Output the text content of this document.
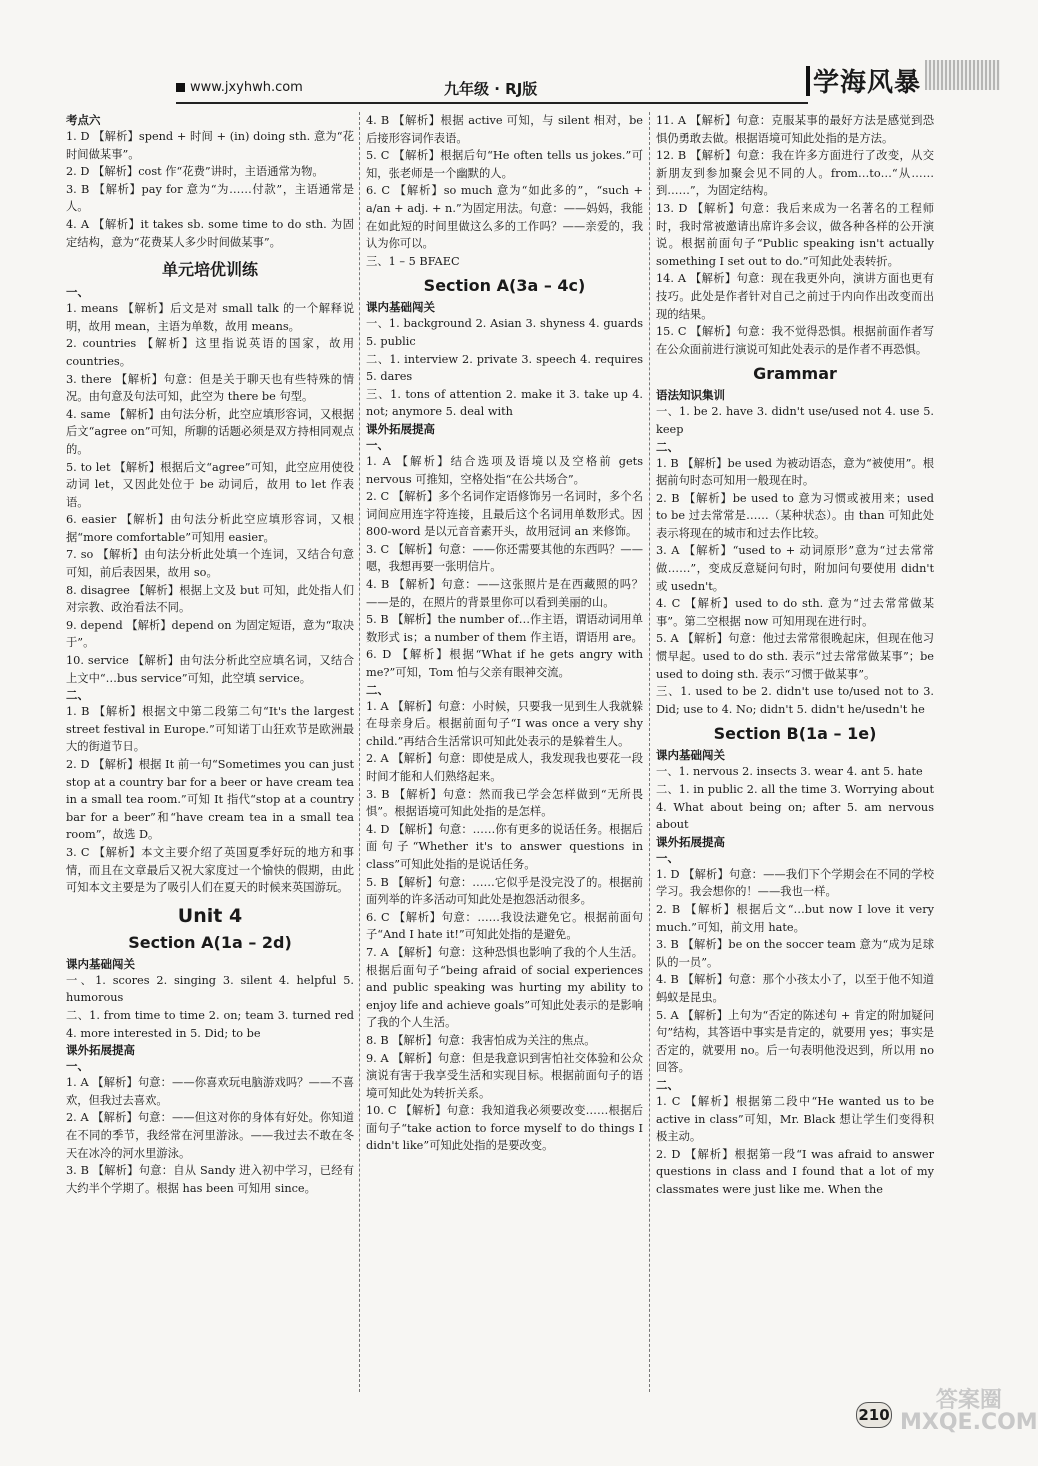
www.jxyhwh.com	九年级 · RJ版	学海风暴

考点六

1. D 【解析】spend + 时间 + (in) doing sth. 意为“花时间做某事”。

2. D 【解析】cost 作“花费”讲时，主语通常为物。

3. B 【解析】pay for 意为“为……付款”，主语通常是人。

4. A 【解析】it takes sb. some time to do sth. 为固定结构，意为“花费某人多少时间做某事”。

单元培优训练

一、

1. means 【解析】后文是对 small talk 的一个解释说明，故用 mean，主语为单数，故用 means。

2. countries 【解析】这里指说英语的国家，故用 countries。

3. there 【解析】句意：但是关于聊天也有些特殊的情况。由句意及句法可知，此空为 there be 句型。

4. same 【解析】由句法分析，此空应填形容词，又根据后文“agree on”可知，所聊的话题必须是双方持相同观点的。

5. to let 【解析】根据后文“agree”可知，此空应用使役动词 let，又因此处位于 be 动词后，故用 to let 作表语。

6. easier 【解析】由句法分析此空应填形容词，又根据“more comfortable”可知用 easier。

7. so 【解析】由句法分析此处填一个连词，又结合句意可知，前后表因果，故用 so。

8. disagree 【解析】根据上文及 but 可知，此处指人们对宗教、政治看法不同。

9. depend 【解析】depend on 为固定短语，意为“取决于”。

10. service 【解析】由句法分析此空应填名词，又结合上文中“…bus service”可知，此空填 service。

二、

1. B 【解析】根据文中第二段第二句“It's the largest street festival in Europe.”可知诺丁山狂欢节是欧洲最大的街道节日。

2. D 【解析】根据 It 前一句“Sometimes you can just stop at a country bar for a beer or have cream tea in a small tea room.”可知 It 指代“stop at a country bar for a beer”和“have cream tea in a small tea room”，故选 D。

3. C 【解析】本文主要介绍了英国夏季好玩的地方和事情，而且在文章最后又祝大家度过一个愉快的假期，由此可知本文主要是为了吸引人们在夏天的时候来英国游玩。

Unit 4

Section A(1a – 2d)

课内基础闯关

一、1. scores 2. singing 3. silent 4. helpful 5. humorous

二、1. from time to time 2. on; team 3. turned red 4. more interested in 5. Did; to be

课外拓展提高

一、

1. A 【解析】句意：——你喜欢玩电脑游戏吗？——不喜欢，但我过去喜欢。

2. A 【解析】句意：——但这对你的身体有好处。你知道在不同的季节，我经常在河里游泳。——我过去不敢在冬天在冰冷的河水里游泳。

3. B 【解析】句意：自从 Sandy 进入初中学习，已经有大约半个学期了。根据 has been 可知用 since。

4. B 【解析】根据 active 可知，与 silent 相对，be 后接形容词作表语。

5. C 【解析】根据后句“He often tells us jokes.”可知，张老师是一个幽默的人。

6. C 【解析】so much 意为“如此多的”，“such + a/an + adj. + n.”为固定用法。句意：——妈妈，我能在如此短的时间里做这么多的工作吗？——亲爱的，我认为你可以。

三、1 – 5 BFAEC

Section A(3a – 4c)

课内基础闯关

一、1. background 2. Asian 3. shyness 4. guards 5. public

二、1. interview 2. private 3. speech 4. requires 5. dares

三、1. tons of attention 2. make it 3. take up 4. not; anymore 5. deal with

课外拓展提高

一、

1. A 【解析】结合选项及语境以及空格前 gets nervous 可推知，空格处指“在公共场合”。

2. C 【解析】多个名词作定语修饰另一名词时，多个名词间应用连字符连接，且最后这个名词用单数形式。因 800-word 是以元音音素开头，故用冠词 an 来修饰。

3. C 【解析】句意：——你还需要其他的东西吗？——嗯，我想再要一张明信片。

4. B 【解析】句意：——这张照片是在西藏照的吗？——是的，在照片的背景里你可以看到美丽的山。

5. B 【解析】the number of…作主语，谓语动词用单数形式 is；a number of them 作主语，谓语用 are。

6. D 【解析】根据“What if he gets angry with me?”可知，Tom 怕与父亲有眼神交流。

二、

1. A 【解析】句意：小时候，只要我一见到生人我就躲在母亲身后。根据前面句子“I was once a very shy child.”再结合生活常识可知此处表示的是躲着生人。

2. A 【解析】句意：即使是成人，我发现我也要花一段时间才能和人们熟络起来。

3. B 【解析】句意：然而我已学会怎样做到“无所畏惧”。根据语境可知此处指的是怎样。

4. D 【解析】句意：……你有更多的说话任务。根据后面句子“Whether it's to answer questions in class”可知此处指的是说话任务。

5. B 【解析】句意：……它似乎是没完没了的。根据前面列举的许多活动可知此处是抱怨活动很多。

6. C 【解析】句意：……我设法避免它。根据前面句子“And I hate it!”可知此处指的是避免。

7. A 【解析】句意：这种恐惧也影响了我的个人生活。根据后面句子“being afraid of social experiences and public speaking was hurting my ability to enjoy life and achieve goals”可知此处表示的是影响了我的个人生活。

8. B 【解析】句意：我害怕成为关注的焦点。

9. A 【解析】句意：但是我意识到害怕社交体验和公众演说有害于我享受生活和实现目标。根据前面句子的语境可知此处为转折关系。

10. C 【解析】句意：我知道我必须要改变……根据后面句子“take action to force myself to do things I didn't like”可知此处指的是要改变。

11. A 【解析】句意：克服某事的最好方法是感觉到恐惧仍勇敢去做。根据语境可知此处指的是方法。

12. B 【解析】句意：我在许多方面进行了改变，从交新朋友到参加聚会见不同的人。from…to…“从……到……”，为固定结构。

13. D 【解析】句意：我后来成为一名著名的工程师时，我时常被邀请出席许多会议，做各种各样的公开演说。根据前面句子“Public speaking isn't actually something I set out to do.”可知此处表转折。

14. A 【解析】句意：现在我更外向，演讲方面也更有技巧。此处是作者针对自己之前过于内向作出改变而出现的结果。

15. C 【解析】句意：我不觉得恐惧。根据前面作者写在公众面前进行演说可知此处表示的是作者不再恐惧。

Grammar

语法知识集训

一、1. be 2. have 3. didn't use/used not 4. use 5. keep

二、

1. B 【解析】be used 为被动语态，意为“被使用”。根据前句时态可知用一般现在时。

2. B 【解析】be used to 意为习惯或被用来；used to be 过去常常是……（某种状态）。由 than 可知此处表示将现在的城市和过去作比较。

3. A 【解析】“used to + 动词原形”意为“过去常常做……”，变成反意疑问句时，附加问句要使用 didn't 或 usedn't。

4. C 【解析】used to do sth. 意为“过去常常做某事”。第二空根据 now 可知用现在进行时。

5. A 【解析】句意：他过去常常很晚起床，但现在他习惯早起。used to do sth. 表示“过去常常做某事”；be used to doing sth. 表示“习惯于做某事”。

三、1. used to be 2. didn't use to/used not to 3. Did; use to 4. No; didn't 5. didn't he/usedn't he

Section B(1a – 1e)

课内基础闯关

一、1. nervous 2. insects 3. wear 4. ant 5. hate

二、1. in public 2. all the time 3. Worrying about 4. What about being on; after 5. am nervous about

课外拓展提高

一、

1. D 【解析】句意：——我们下个学期会在不同的学校学习。我会想你的！——我也一样。

2. B 【解析】根据后文“…but now I love it very much.”可知，前文用 hate。

3. B 【解析】be on the soccer team 意为“成为足球队的一员”。

4. B 【解析】句意：那个小孩太小了，以至于他不知道蚂蚁是昆虫。

5. A 【解析】上句为“否定的陈述句 + 肯定的附加疑问句”结构，其答语中事实是肯定的，就要用 yes；事实是否定的，就要用 no。后一句表明他没迟到，所以用 no 回答。

二、

1. C 【解析】根据第二段中“He wanted us to be active in class”可知，Mr. Black 想让学生们变得积极主动。

2. D 【解析】根据第一段“I was afraid to answer questions in class and I found that a lot of my classmates were just like me. When the

210
答案圈 MXQE.COM
